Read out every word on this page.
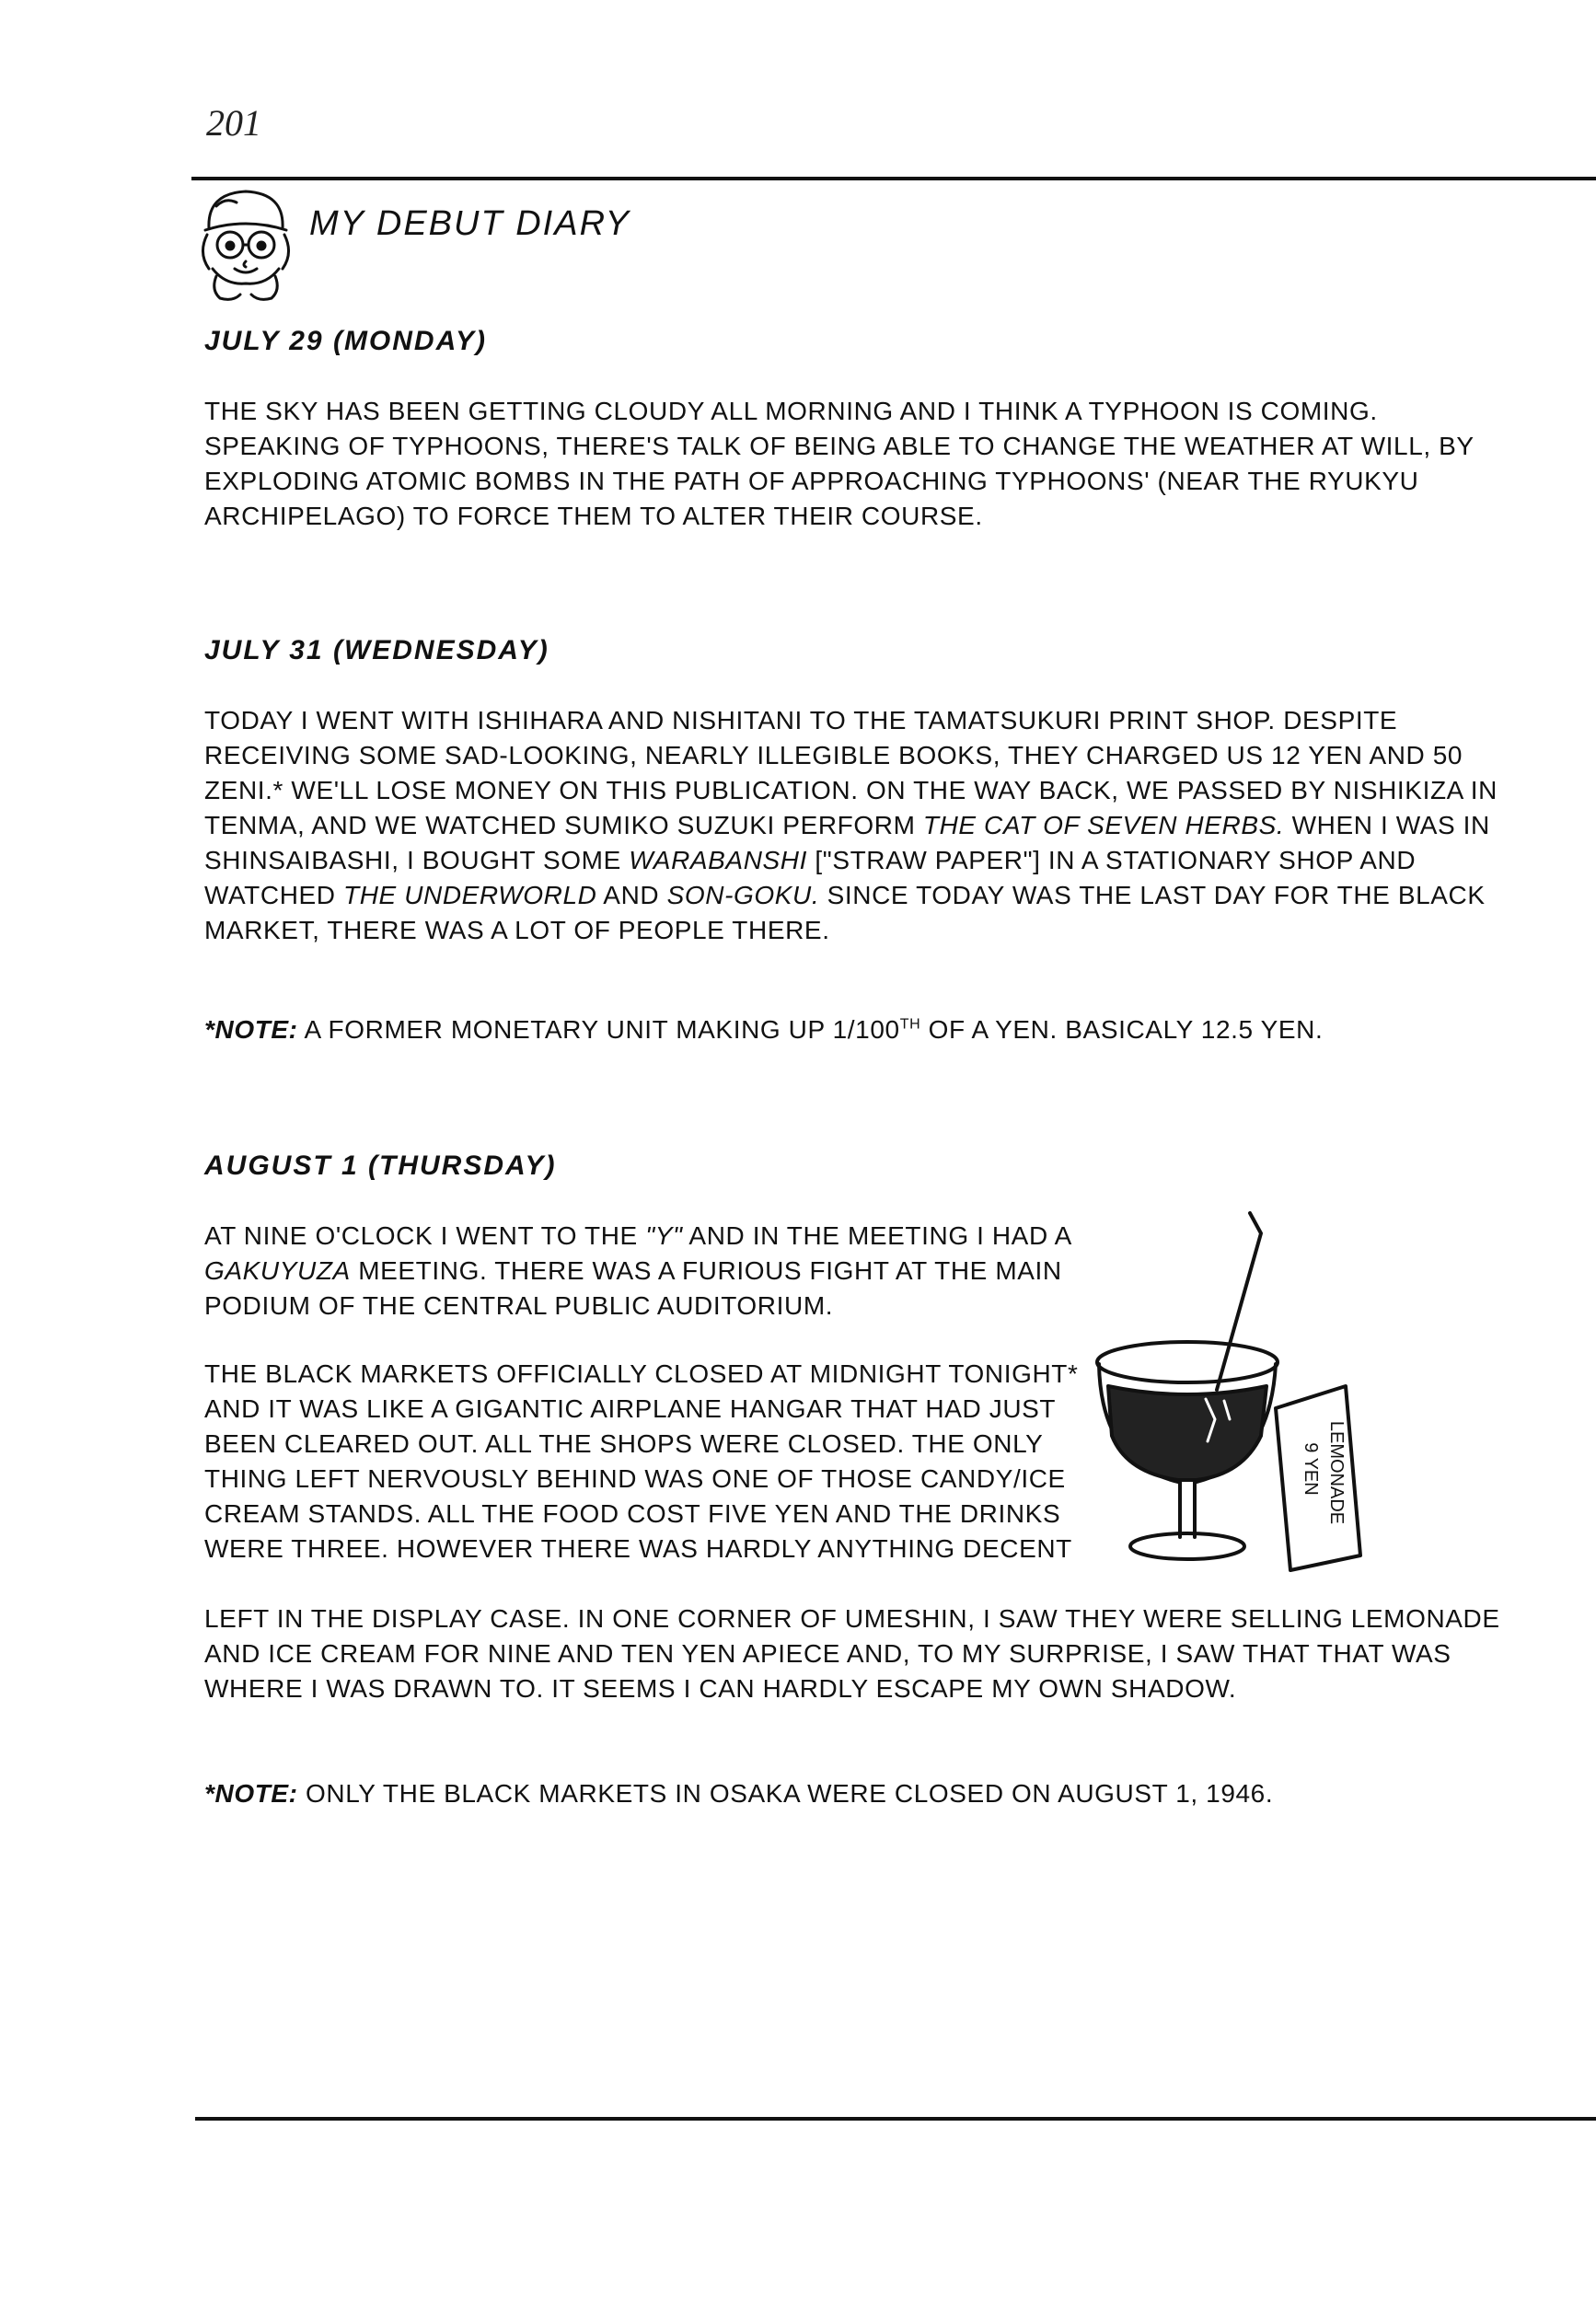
201
MY DEBUT DIARY
JULY 29 (MONDAY)

THE SKY HAS BEEN GETTING CLOUDY ALL MORNING AND I THINK A TYPHOON IS COMING. SPEAKING OF TYPHOONS, THERE'S TALK OF BEING ABLE TO CHANGE THE WEATHER AT WILL, BY EXPLODING ATOMIC BOMBS IN THE PATH OF APPROACHING TYPHOONS' (NEAR THE RYUKYU ARCHIPELAGO) TO FORCE THEM TO ALTER THEIR COURSE.

JULY 31 (WEDNESDAY)

TODAY I WENT WITH ISHIHARA AND NISHITANI TO THE TAMATSUKURI PRINT SHOP. DESPITE RECEIVING SOME SAD-LOOKING, NEARLY ILLEGIBLE BOOKS, THEY CHARGED US 12 YEN AND 50 ZENI.* WE'LL LOSE MONEY ON THIS PUBLICATION. ON THE WAY BACK, WE PASSED BY NISHIKIZA IN TENMA, AND WE WATCHED SUMIKO SUZUKI PERFORM THE CAT OF SEVEN HERBS. WHEN I WAS IN SHINSAIBASHI, I BOUGHT SOME WARABANSHI ["STRAW PAPER"] IN A STATIONARY SHOP AND WATCHED THE UNDERWORLD AND SON-GOKU. SINCE TODAY WAS THE LAST DAY FOR THE BLACK MARKET, THERE WAS A LOT OF PEOPLE THERE.

*NOTE: A FORMER MONETARY UNIT MAKING UP 1/100TH OF A YEN. BASICALY 12.5 YEN.

AUGUST 1 (THURSDAY)

AT NINE O'CLOCK I WENT TO THE "Y" AND IN THE MEETING I HAD A GAKUYUZA MEETING. THERE WAS A FURIOUS FIGHT AT THE MAIN PODIUM OF THE CENTRAL PUBLIC AUDITORIUM.

THE BLACK MARKETS OFFICIALLY CLOSED AT MIDNIGHT TONIGHT* AND IT WAS LIKE A GIGANTIC AIRPLANE HANGAR THAT HAD JUST BEEN CLEARED OUT. ALL THE SHOPS WERE CLOSED. THE ONLY THING LEFT NERVOUSLY BEHIND WAS ONE OF THOSE CANDY/ICE CREAM STANDS. ALL THE FOOD COST FIVE YEN AND THE DRINKS WERE THREE. HOWEVER THERE WAS HARDLY ANYTHING DECENT

LEFT IN THE DISPLAY CASE. IN ONE CORNER OF UMESHIN, I SAW THEY WERE SELLING LEMONADE AND ICE CREAM FOR NINE AND TEN YEN APIECE AND, TO MY SURPRISE, I SAW THAT THAT WAS WHERE I WAS DRAWN TO. IT SEEMS I CAN HARDLY ESCAPE MY OWN SHADOW.

*NOTE: ONLY THE BLACK MARKETS IN OSAKA WERE CLOSED ON AUGUST 1, 1946.

9 YEN LEMONADE
